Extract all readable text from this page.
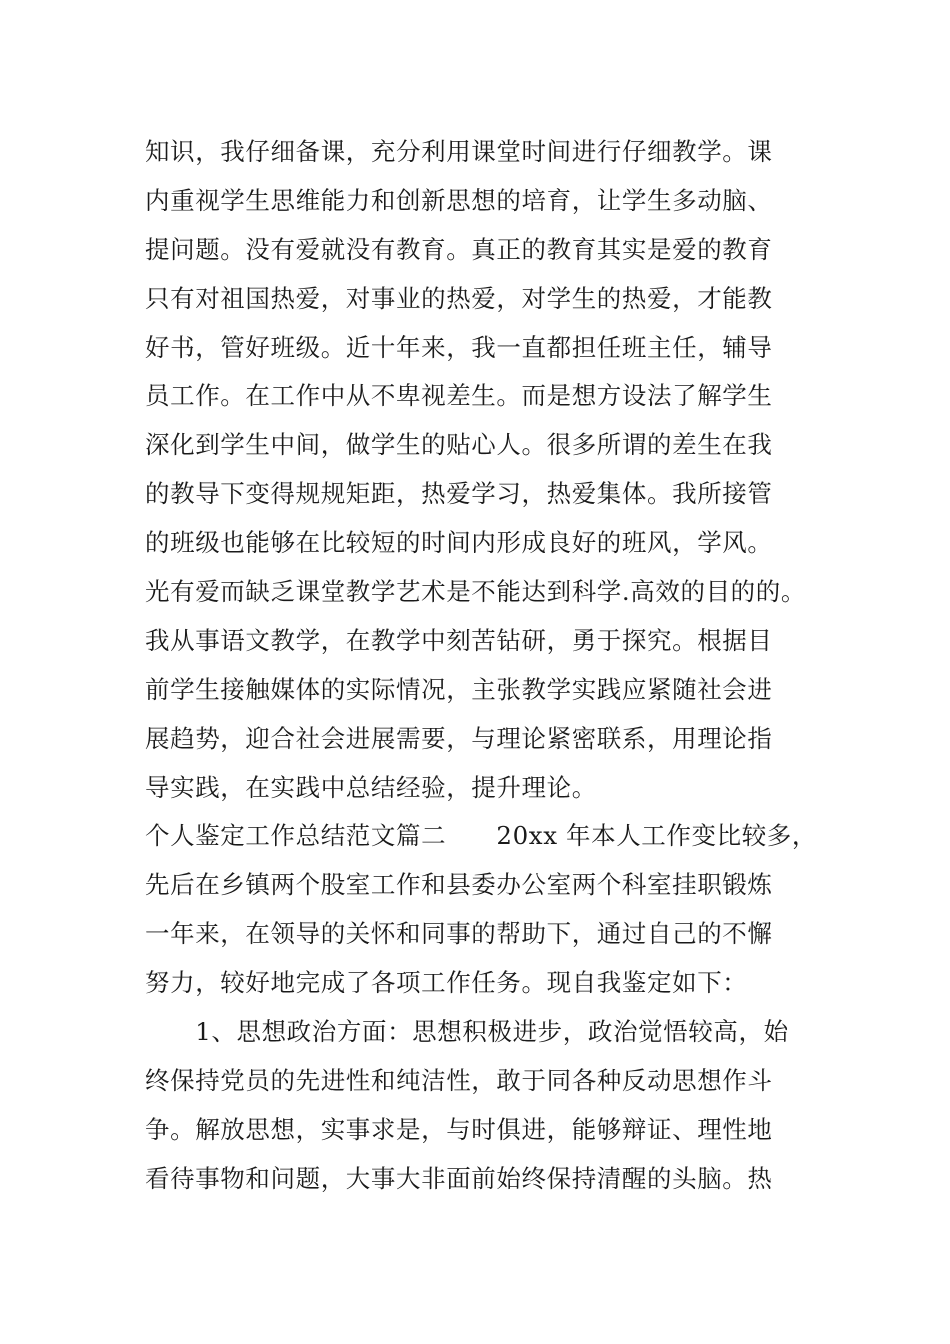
知识，我仔细备课，充分利用课堂时间进行仔细教学。课
内重视学生思维能力和创新思想的培育，让学生多动脑、
提问题。没有爱就没有教育。真正的教育其实是爱的教育
只有对祖国热爱，对事业的热爱，对学生的热爱，才能教
好书，管好班级。近十年来，我一直都担任班主任，辅导
员工作。在工作中从不卑视差生。而是想方设法了解学生
深化到学生中间，做学生的贴心人。很多所谓的差生在我
的教导下变得规规矩距，热爱学习，热爱集体。我所接管
的班级也能够在比较短的时间内形成良好的班风，学风。
光有爱而缺乏课堂教学艺术是不能达到科学.高效的目的的。
我从事语文教学，在教学中刻苦钻研，勇于探究。根据目
前学生接触媒体的实际情况，主张教学实践应紧随社会进
展趋势，迎合社会进展需要，与理论紧密联系，用理论指
导实践，在实践中总结经验，提升理论。
个人鉴定工作总结范文篇二　　20xx 年本人工作变比较多，
先后在乡镇两个股室工作和县委办公室两个科室挂职锻炼
一年来，在领导的关怀和同事的帮助下，通过自己的不懈
努力，较好地完成了各项工作任务。现自我鉴定如下：
　　1、思想政治方面：思想积极进步，政治觉悟较高，始
终保持党员的先进性和纯洁性，敢于同各种反动思想作斗
争。解放思想，实事求是，与时俱进，能够辩证、理性地
看待事物和问题，大事大非面前始终保持清醒的头脑。热
